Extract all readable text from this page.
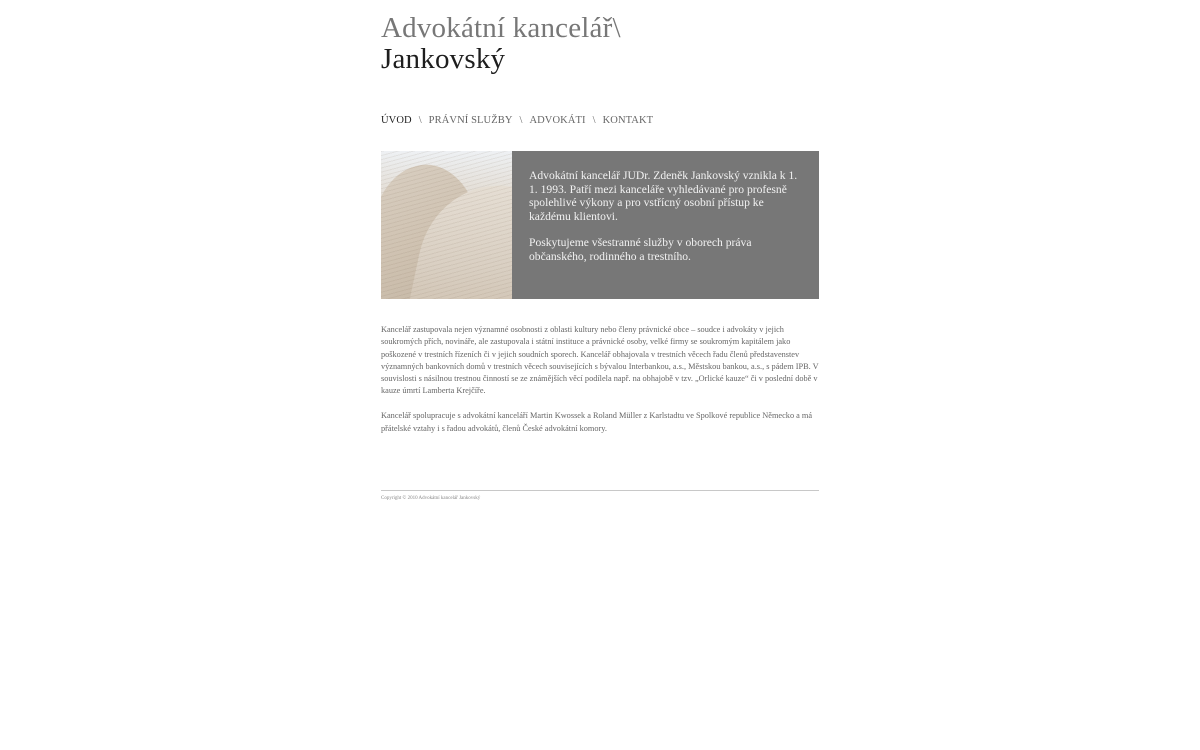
Advokátní kancelář\
Jankovský
ÚVOD \ PRÁVNÍ SLUŽBY \ ADVOKÁTI \ KONTAKT

Advokátní kancelář JUDr. Zdeněk Jankovský vznikla k 1. 1. 1993. Patří mezi kanceláře vyhledávané pro profesně spolehlivé výkony a pro vstřícný osobní přístup ke každému klientovi.

Poskytujeme všestranné služby v oborech práva občanského, rodinného a trestního.

Kancelář zastupovala nejen významné osobnosti z oblasti kultury nebo členy právnické obce – soudce i advokáty v jejich soukromých přích, novináře, ale zastupovala i státní instituce a právnické osoby, velké firmy se soukromým kapitálem jako poškozené v trestních řízeních či v jejich soudních sporech. Kancelář obhajovala v trestních věcech řadu členů představenstev významných bankovních domů v trestních věcech souvisejících s bývalou Interbankou, a.s., Městskou bankou, a.s., s pádem IPB. V souvislosti s násilnou trestnou činností se ze známějších věcí podílela např. na obhajobě v tzv. „Orlické kauze“ či v poslední době v kauze úmrtí Lamberta Krejčíře.

Kancelář spolupracuje s advokátní kanceláří Martin Kwossek a Roland Müller z Karlstadtu ve Spolkové republice Německo a má přátelské vztahy i s řadou advokátů, členů České advokátní komory.

Copyright © 2010 Advokátní kancelář Jankovský
